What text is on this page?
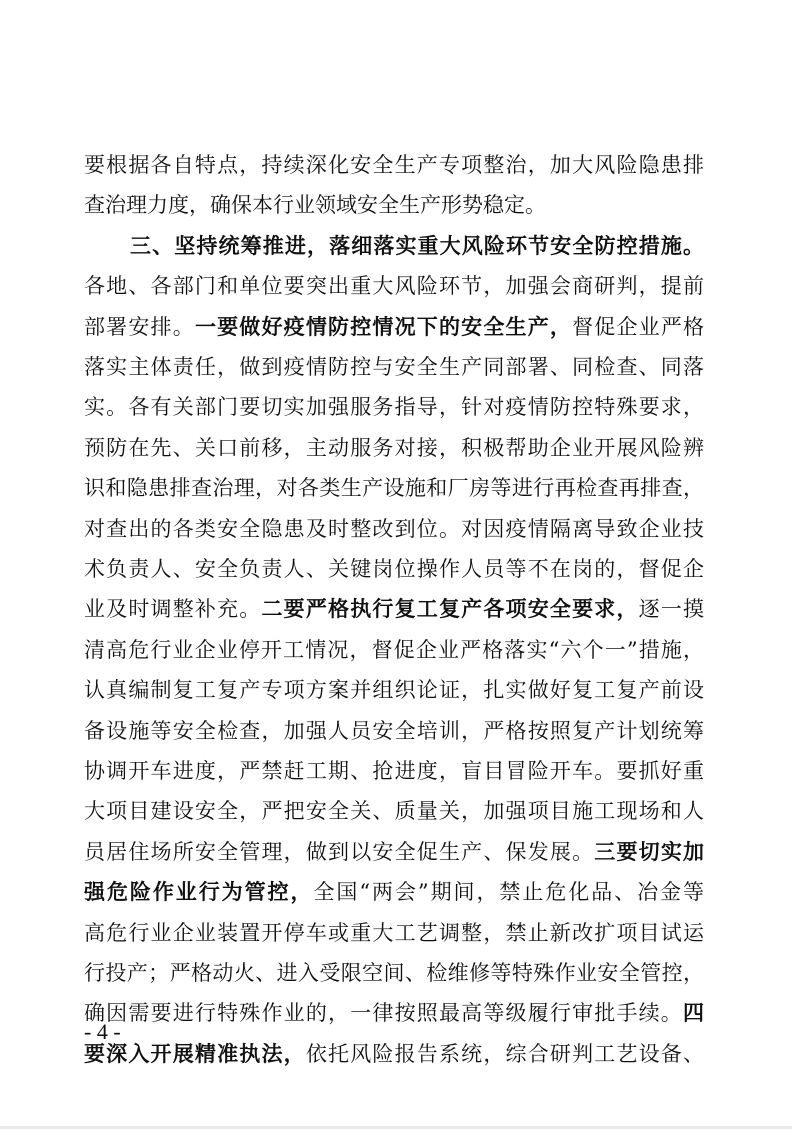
要根据各自特点，持续深化安全生产专项整治，加大风险隐患排
查治理力度，确保本行业领域安全生产形势稳定。
三、坚持统筹推进，落细落实重大风险环节安全防控措施。
各地、各部门和单位要突出重大风险环节，加强会商研判，提前
部署安排。一要做好疫情防控情况下的安全生产，督促企业严格
落实主体责任，做到疫情防控与安全生产同部署、同检查、同落
实。各有关部门要切实加强服务指导，针对疫情防控特殊要求，
预防在先、关口前移，主动服务对接，积极帮助企业开展风险辨
识和隐患排查治理，对各类生产设施和厂房等进行再检查再排查，
对查出的各类安全隐患及时整改到位。对因疫情隔离导致企业技
术负责人、安全负责人、关键岗位操作人员等不在岗的，督促企
业及时调整补充。二要严格执行复工复产各项安全要求，逐一摸
清高危行业企业停开工情况，督促企业严格落实“六个一”措施，
认真编制复工复产专项方案并组织论证，扎实做好复工复产前设
备设施等安全检查，加强人员安全培训，严格按照复产计划统筹
协调开车进度，严禁赶工期、抢进度，盲目冒险开车。要抓好重
大项目建设安全，严把安全关、质量关，加强项目施工现场和人
员居住场所安全管理，做到以安全促生产、保发展。三要切实加
强危险作业行为管控，全国“两会”期间，禁止危化品、冶金等
高危行业企业装置开停车或重大工艺调整，禁止新改扩项目试运
行投产；严格动火、进入受限空间、检维修等特殊作业安全管控，
确因需要进行特殊作业的，一律按照最高等级履行审批手续。四
要深入开展精准执法，依托风险报告系统，综合研判工艺设备、
- 4 -
